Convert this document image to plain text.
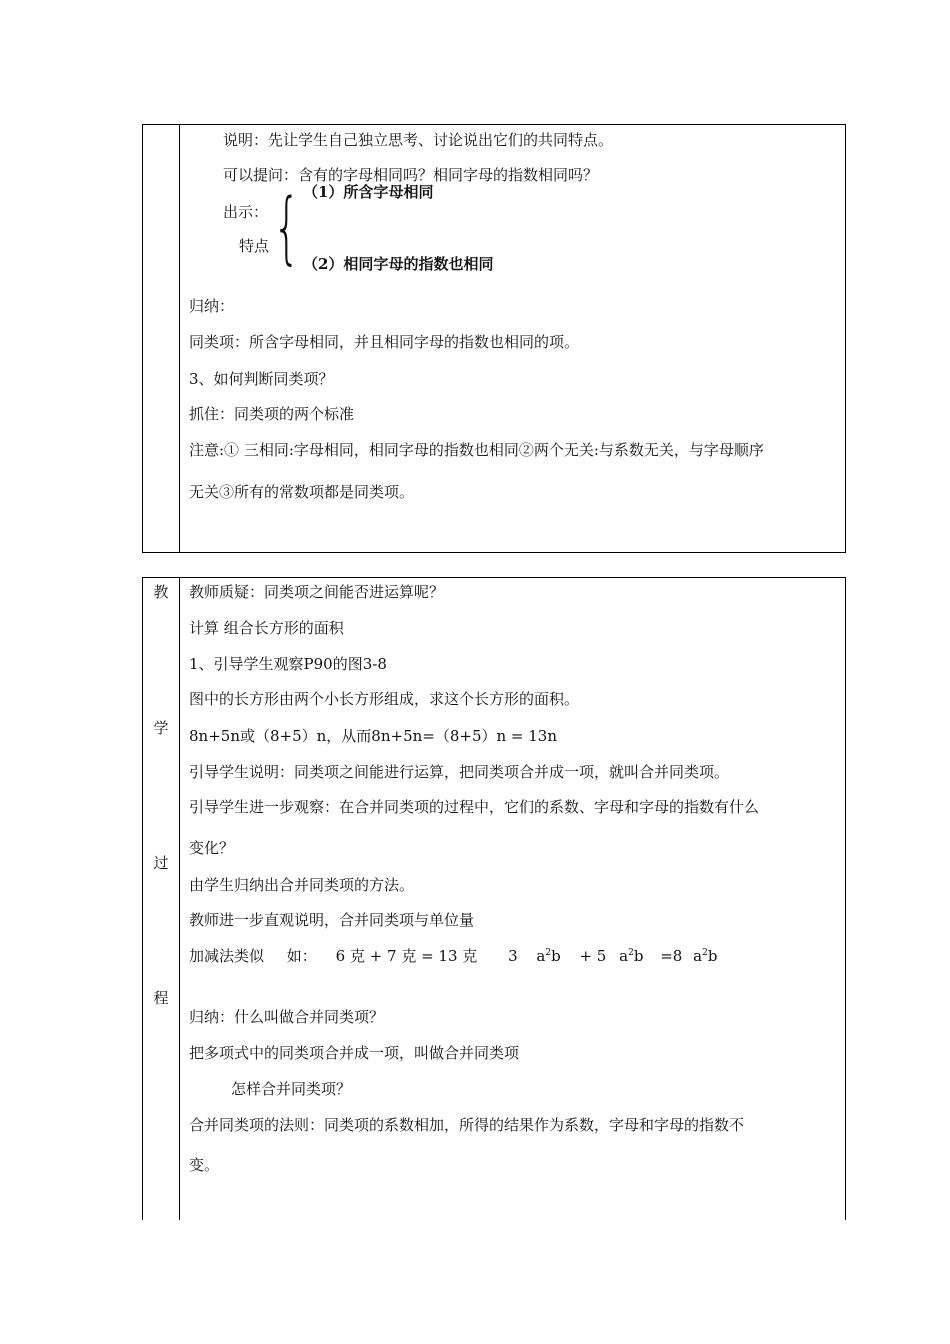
说明：先让学生自己独立思考、讨论说出它们的共同特点。
可以提问：含有的字母相同吗？相同字母的指数相同吗？
（1）所含字母相同
出示： {
特点
（2）相同字母的指数也相同
归纳：
同类项：所含字母相同，并且相同字母的指数也相同的项。
3、如何判断同类项？
抓住：同类项的两个标准
注意:① 三相同:字母相同，相同字母的指数也相同②两个无关:与系数无关，与字母顺序
无关③所有的常数项都是同类项。
教
学
过
程
教师质疑：同类项之间能否进运算呢？
计算 组合长方形的面积
1、引导学生观察P90的图3-8
图中的长方形由两个小长方形组成，求这个长方形的面积。
8n+5n或（8+5）n，从而8n+5n=（8+5）n = 13n
引导学生说明：同类项之间能进行运算，把同类项合并成一项，就叫合并同类项。
引导学生进一步观察：在合并同类项的过程中，它们的系数、字母和字母的指数有什么
变化？
由学生归纳出合并同类项的方法。
教师进一步直观说明，合并同类项与单位量
加减法类似 如： 6 克 + 7 克 = 13 克 3 $a^2b + 5$ $a^2b =8$ $a^2b$
归纳：什么叫做合并同类项？
把多项式中的同类项合并成一项，叫做合并同类项
怎样合并同类项？
合并同类项的法则：同类项的系数相加，所得的结果作为系数，字母和字母的指数不
变。
